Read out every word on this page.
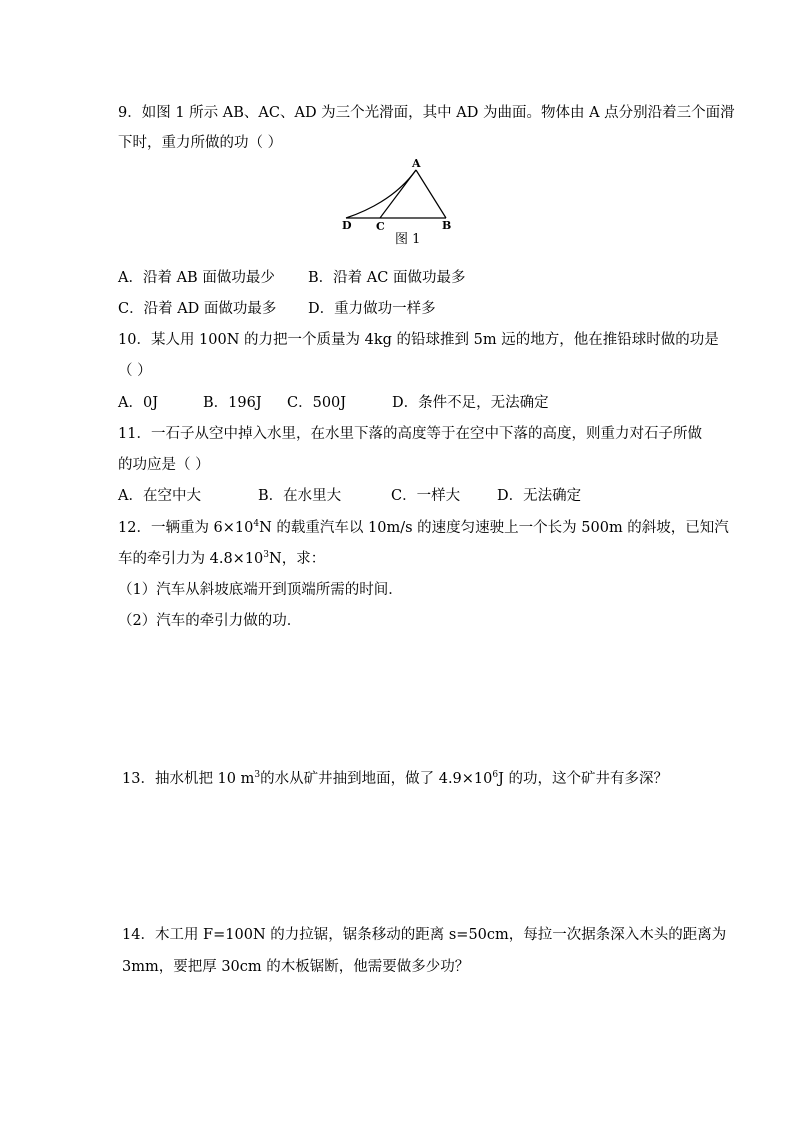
9．如图 1 所示 AB、AC、AD 为三个光滑面，其中 AD 为曲面。物体由 A 点分别沿着三个面滑
下时，重力所做的功（ ）
A
B
C
D
图 1
A．沿着 AB 面做功最少 B．沿着 AC 面做功最多
C．沿着 AD 面做功最多 D．重力做功一样多
10．某人用 100N 的力把一个质量为 4kg 的铅球推到 5m 远的地方，他在推铅球时做的功是
（ ）
A．0J	B．196J C．500J	D．条件不足，无法确定
11．一石子从空中掉入水里，在水里下落的高度等于在空中下落的高度，则重力对石子所做
的功应是（ ）
A．在空中大	B．在水里大	C．一样大	D．无法确定
12．一辆重为 $6\times 10^4N$ 的载重汽车以 10m/s 的速度匀速驶上一个长为 500m 的斜坡，已知汽
车的牵引力为 $4.8\times 10^3N$，求：
（1）汽车从斜坡底端开到顶端所需的时间．
（2）汽车的牵引力做的功．
13．抽水机把 10 $m^3$的水从矿井抽到地面，做了 $4.9\times 10^6J$ 的功，这个矿井有多深？
14．木工用 F=100N 的力拉锯，锯条移动的距离 s=50cm，每拉一次据条深入木头的距离为
3mm，要把厚 30cm 的木板锯断，他需要做多少功？
